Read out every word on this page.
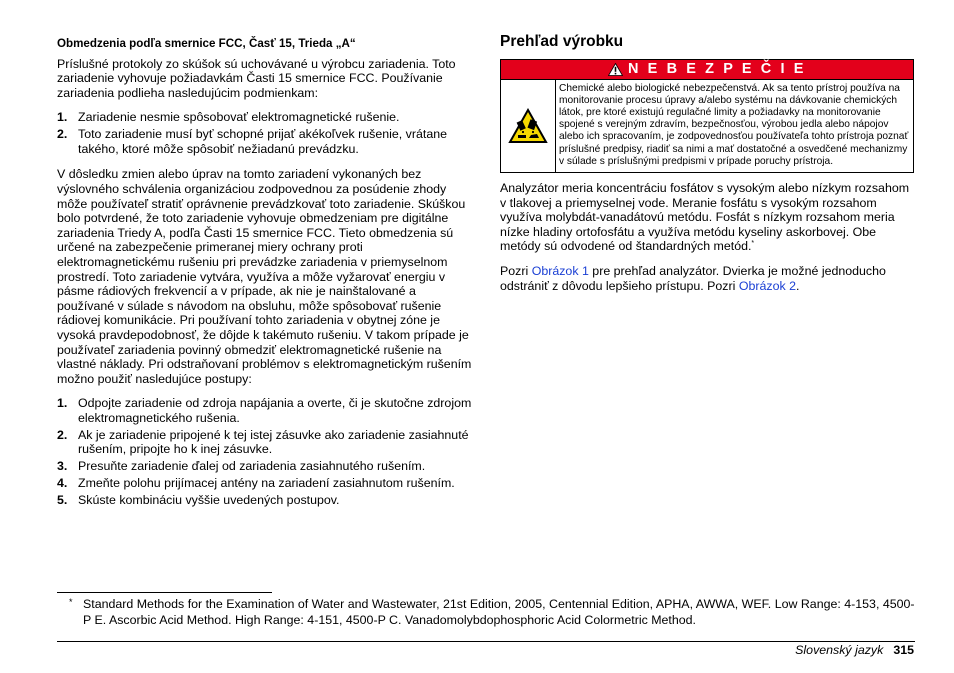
Obmedzenia podľa smernice FCC, Časť 15, Trieda „A“

Príslušné protokoly zo skúšok sú uchovávané u výrobcu zariadenia. Toto zariadenie vyhovuje požiadavkám Časti 15 smernice FCC. Používanie zariadenia podlieha nasledujúcim podmienkam:

1. Zariadenie nesmie spôsobovať elektromagnetické rušenie.
2. Toto zariadenie musí byť schopné prijať akékoľvek rušenie, vrátane takého, ktoré môže spôsobiť nežiadanú prevádzku.

V dôsledku zmien alebo úprav na tomto zariadení vykonaných bez výslovného schválenia organizáciou zodpovednou za posúdenie zhody môže používateľ stratiť oprávnenie prevádzkovať toto zariadenie. Skúškou bolo potvrdené, že toto zariadenie vyhovuje obmedzeniam pre digitálne zariadenia Triedy A, podľa Časti 15 smernice FCC. Tieto obmedzenia sú určené na zabezpečenie primeranej miery ochrany proti elektromagnetickému rušeniu pri prevádzke zariadenia v priemyselnom prostredí. Toto zariadenie vytvára, využíva a môže vyžarovať energiu v pásme rádiových frekvencií a v prípade, ak nie je nainštalované a používané v súlade s návodom na obsluhu, môže spôsobovať rušenie rádiovej komunikácie. Pri používaní tohto zariadenia v obytnej zóne je vysoká pravdepodobnosť, že dôjde k takémuto rušeniu. V takom prípade je používateľ zariadenia povinný obmedziť elektromagnetické rušenie na vlastné náklady. Pri odstraňovaní problémov s elektromagnetickým rušením možno použiť nasledujúce postupy:

1. Odpojte zariadenie od zdroja napájania a overte, či je skutočne zdrojom elektromagnetického rušenia.
2. Ak je zariadenie pripojené k tej istej zásuvke ako zariadenie zasiahnuté rušením, pripojte ho k inej zásuvke.
3. Presuňte zariadenie ďalej od zariadenia zasiahnutého rušením.
4. Zmeňte polohu prijímacej antény na zariadení zasiahnutom rušením.
5. Skúste kombináciu vyššie uvedených postupov.
Prehľad výrobku
N E B E Z P E Č I E
Chemické alebo biologické nebezpečenstvá. Ak sa tento prístroj používa na monitorovanie procesu úpravy a/alebo systému na dávkovanie chemických látok, pre ktoré existujú regulačné limity a požiadavky na monitorovanie spojené s verejným zdravím, bezpečnosťou, výrobou jedla alebo nápojov alebo ich spracovaním, je zodpovednosťou používateľa tohto prístroja poznať príslušné predpisy, riadiť sa nimi a mať dostatočné a osvedčené mechanizmy v súlade s príslušnými predpismi v prípade poruchy prístroja.

Analyzátor meria koncentráciu fosfátov s vysokým alebo nízkym rozsahom v tlakovej a priemyselnej vode. Meranie fosfátu s vysokým rozsahom využíva molybdát-vanadátovú metódu. Fosfát s nízkym rozsahom meria nízke hladiny ortofosfátu a využíva metódu kyseliny askorbovej. Obe metódy sú odvodené od štandardných metód.*

Pozri Obrázok 1 pre prehľad analyzátor. Dvierka je možné jednoducho odstrániť z dôvodu lepšieho prístupu. Pozri Obrázok 2.

* Standard Methods for the Examination of Water and Wastewater, 21st Edition, 2005, Centennial Edition, APHA, AWWA, WEF. Low Range: 4-153, 4500-P E. Ascorbic Acid Method. High Range: 4-151, 4500-P C. Vanadomolybdophosphoric Acid Colormetric Method.
Slovenský jazyk 315
